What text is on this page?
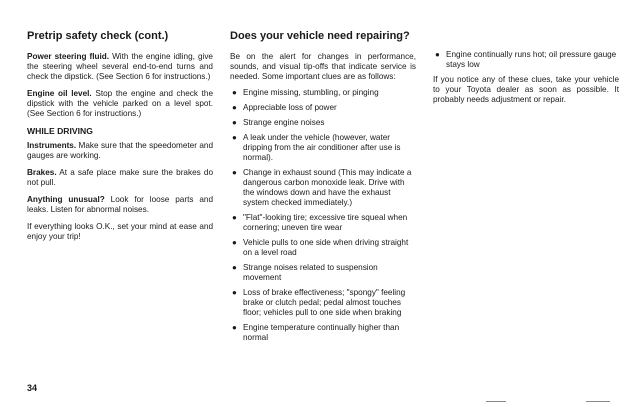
Pretrip safety check (cont.)

Power steering fluid. With the engine idling, give the steering wheel several end-to-end turns and check the dipstick. (See Section 6 for instructions.)

Engine oil level. Stop the engine and check the dipstick with the vehicle parked on a level spot. (See Section 6 for instructions.)

WHILE DRIVING

Instruments. Make sure that the speedometer and gauges are working.

Brakes. At a safe place make sure the brakes do not pull.

Anything unusual? Look for loose parts and leaks. Listen for abnormal noises.

If everything looks O.K., set your mind at ease and enjoy your trip!

Does your vehicle need repairing?

Be on the alert for changes in performance, sounds, and visual tip-offs that indicate service is needed. Some important clues are as follows:

● Engine missing, stumbling, or pinging
● Appreciable loss of power
● Strange engine noises
● A leak under the vehicle (however, water dripping from the air conditioner after use is normal).
● Change in exhaust sound (This may indicate a dangerous carbon monoxide leak. Drive with the windows down and have the exhaust system checked immediately.)
● "Flat"-looking tire; excessive tire squeal when cornering; uneven tire wear
● Vehicle pulls to one side when driving straight on a level road
● Strange noises related to suspension movement
● Loss of brake effectiveness; "spongy" feeling brake or clutch pedal; pedal almost touches floor; vehicles pull to one side when braking
● Engine temperature continually higher than normal
● Engine continually runs hot; oil pressure gauge stays low

If you notice any of these clues, take your vehicle to your Toyota dealer as soon as possible. It probably needs adjustment or repair.

34
